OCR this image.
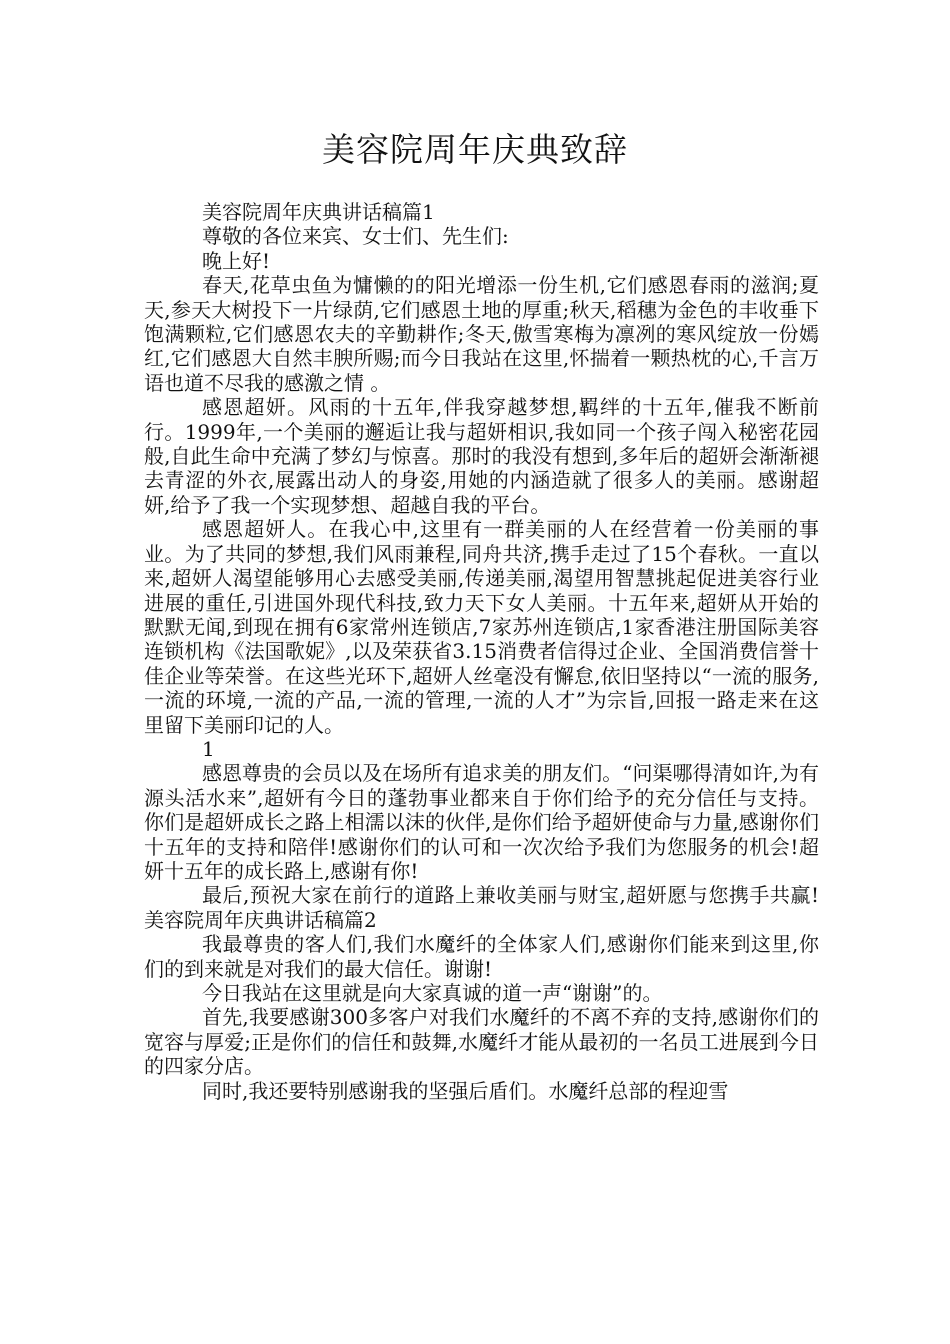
美容院周年庆典致辞

美容院周年庆典讲话稿篇1

尊敬的各位来宾、女士们、先生们:

晚上好!

春天,花草虫鱼为慵懒的的阳光增添一份生机,它们感恩春雨的滋润;夏天,参天大树投下一片绿荫,它们感恩土地的厚重;秋天,稻穗为金色的丰收垂下饱满颗粒,它们感恩农夫的辛勤耕作;冬天,傲雪寒梅为凛冽的寒风绽放一份嫣红,它们感恩大自然丰腴所赐;而今日我站在这里,怀揣着一颗热枕的心,千言万语也道不尽我的感激之情 。

感恩超妍。风雨的十五年,伴我穿越梦想,羁绊的十五年,催我不断前行。1999年,一个美丽的邂逅让我与超妍相识,我如同一个孩子闯入秘密花园般,自此生命中充满了梦幻与惊喜。那时的我没有想到,多年后的超妍会渐渐褪去青涩的外衣,展露出动人的身姿,用她的内涵造就了很多人的美丽。感谢超妍,给予了我一个实现梦想、超越自我的平台。

感恩超妍人。在我心中,这里有一群美丽的人在经营着一份美丽的事业。为了共同的梦想,我们风雨兼程,同舟共济,携手走过了15个春秋。一直以来,超妍人渴望能够用心去感受美丽,传递美丽,渴望用智慧挑起促进美容行业进展的重任,引进国外现代科技,致力天下女人美丽。十五年来,超妍从开始的默默无闻,到现在拥有6家常州连锁店,7家苏州连锁店,1家香港注册国际美容连锁机构《法国歌妮》,以及荣获省3.15消费者信得过企业、全国消费信誉十佳企业等荣誉。在这些光环下,超妍人丝毫没有懈怠,依旧坚持以“一流的服务,一流的环境,一流的产品,一流的管理,一流的人才”为宗旨,回报一路走来在这里留下美丽印记的人。

1

感恩尊贵的会员以及在场所有追求美的朋友们。“问渠哪得清如许,为有源头活水来”,超妍有今日的蓬勃事业都来自于你们给予的充分信任与支持。你们是超妍成长之路上相濡以沫的伙伴,是你们给予超妍使命与力量,感谢你们十五年的支持和陪伴!感谢你们的认可和一次次给予我们为您服务的机会!超妍十五年的成长路上,感谢有你!

最后,预祝大家在前行的道路上兼收美丽与财宝,超妍愿与您携手共赢! 美容院周年庆典讲话稿篇2

我最尊贵的客人们,我们水魔纤的全体家人们,感谢你们能来到这里,你们的到来就是对我们的最大信任。谢谢!

今日我站在这里就是向大家真诚的道一声“谢谢”的。

首先,我要感谢300多客户对我们水魔纤的不离不弃的支持,感谢你们的宽容与厚爱;正是你们的信任和鼓舞,水魔纤才能从最初的一名员工进展到今日的四家分店。

同时,我还要特别感谢我的坚强后盾们。水魔纤总部的程迎雪
